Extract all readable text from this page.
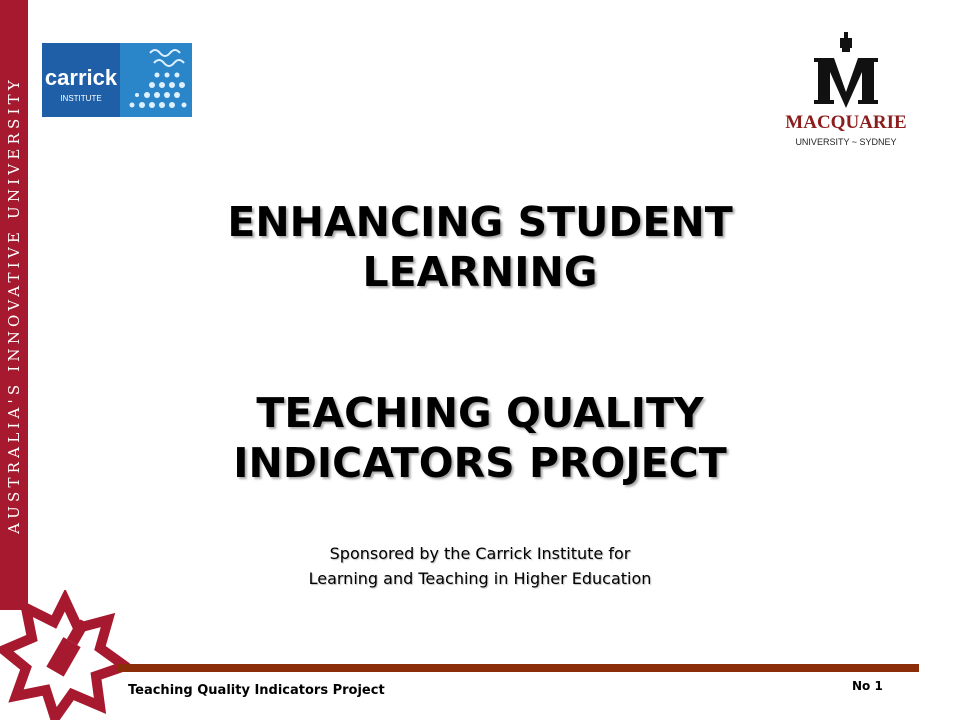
AUSTRALIA'S INNOVATIVE UNIVERSITY carrick
INSTITUTE
MACQUARIE
UNIVERSITY ~ SYDNEY
ENHANCING STUDENT
LEARNING
TEACHING QUALITY
INDICATORS PROJECT
Sponsored by the Carrick Institute for
Learning and Teaching in Higher Education
Teaching Quality Indicators Project	No 1
